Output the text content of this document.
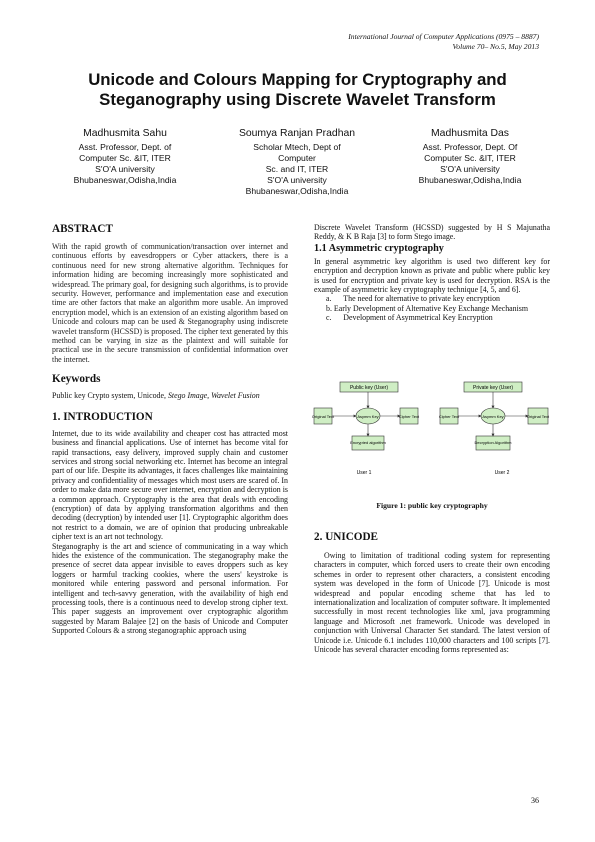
International Journal of Computer Applications (0975 – 8887)
Volume 70– No.5, May 2013
Unicode and Colours Mapping for Cryptography and
Steganography using Discrete Wavelet Transform
Madhusmita Sahu
Asst. Professor, Dept. of
Computer Sc. &IT, ITER
S'O'A university
Bhubaneswar,Odisha,India
Soumya Ranjan Pradhan
Scholar Mtech, Dept of
Computer
Sc. and IT, ITER
S'O'A university
Bhubaneswar,Odisha,India
Madhusmita Das
Asst. Professor, Dept. Of
Computer Sc. &IT, ITER
S'O'A university
Bhubaneswar,Odisha,India
ABSTRACT

With the rapid growth of communication/transaction over internet and continuous efforts by eavesdroppers or Cyber attackers, there is a continuous need for new strong alternative algorithm. Techniques for information hiding are becoming increasingly more sophisticated and widespread. The primary goal, for designing such algorithms, is to provide security. However, performance and implementation ease and execution time are other factors that make an algorithm more usable. An improved encryption model, which is an extension of an existing algorithm based on Unicode and colours map can be used & Steganography using indiscrete wavelet transform (HCSSD) is proposed. The cipher text generated by this method can be varying in size as the plaintext and will suitable for practical use in the secure transmission of confidential information over the internet.

Keywords

Public key Crypto system, Unicode, Stego Image, Wavelet Fusion

1. INTRODUCTION

Internet, due to its wide availability and cheaper cost has attracted most business and financial applications. Use of internet has become vital for rapid transactions, easy delivery, improved supply chain and customer services and strong social networking etc. Internet has become an integral part of our life. Despite its advantages, it faces challenges like maintaining privacy and confidentiality of messages which most users are scared of. In order to make data more secure over internet, encryption and decryption is a common approach. Cryptography is the area that deals with encoding (encryption) of data by applying transformation algorithms and then decoding (decryption) by intended user [1]. Cryptographic algorithm does not restrict to a domain, we are of opinion that producing unbreakable cipher text is an art not technology.

Steganography is the art and science of communicating in a way which hides the existence of the communication. The steganography make the presence of secret data appear invisible to eaves droppers such as key loggers or harmful tracking cookies, where the users' keystroke is monitored while entering password and personal information. For intelligent and tech-savvy generation, with the availability of high end processing tools, there is a continuous need to develop strong cipher text. This paper suggests an improvement over cryptographic algorithm suggested by Maram Balajee [2] on the basis of Unicode and Computer Supported Colours & a strong steganographic approach using

Discrete Wavelet Transform (HCSSD) suggested by H S Majunatha Reddy, & K B Raja [3] to form Stego image.

1.1 Asymmetric cryptography

In general asymmetric key algorithm is used two different key for encryption and decryption known as private and public where public key is used for encryption and private key is used for decryption. RSA is the example of asymmetric key cryptography technique [4, 5, and 6].

a.      The need for alternative to private key encryption

b. Early Development of Alternative Key Exchange Mechanism

c.      Development of Asymmetrical Key Encryption

Public key (User)
Original Text	Asymm Key	Cipher Text
Encrypted algorithm
User 1
Private key (User)
Cipher Text	Asymm Key	Original Text
Decryption Algorithm
User 2
Figure 1: public key cryptography
2. UNICODE

Owing to limitation of traditional coding system for representing characters in computer, which forced users to create their own encoding schemes in order to represent other characters, a consistent encoding system was developed in the form of Unicode [7]. Unicode is most widespread and popular encoding scheme that has led to internationalization and localization of computer software. It implemented successfully in most recent technologies like xml, java programming language and Microsoft .net framework. Unicode was developed in conjunction with Universal Character Set standard. The latest version of Unicode i.e. Unicode 6.1 includes 110,000 characters and 100 scripts [7]. Unicode has several character encoding forms represented as:

36
